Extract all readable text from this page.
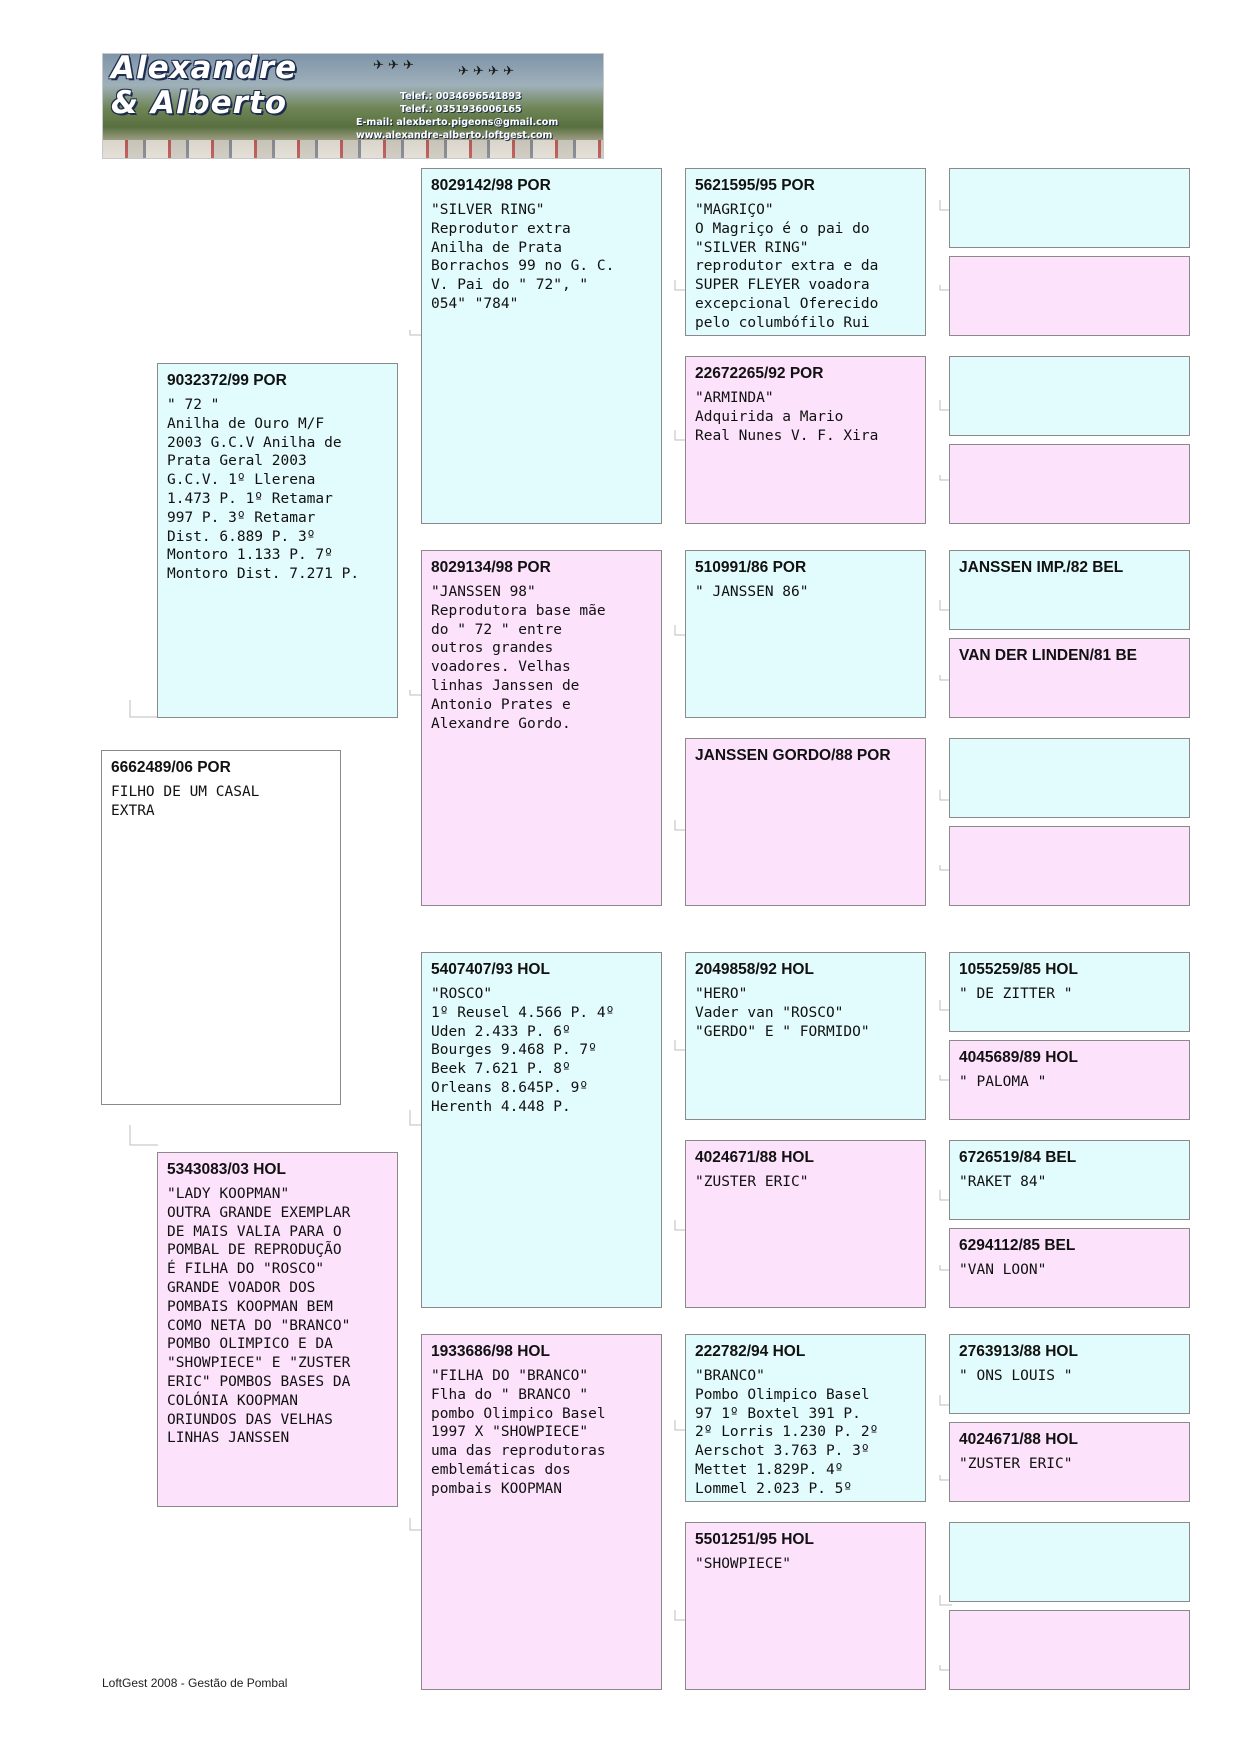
✈ ✈ ✈	✈ ✈ ✈ ✈
Alexandre
& Alberto	Telef.: 0034696541893
Telef.: 0351936006165
E-mail: alexberto.pigeons@gmail.com
www.alexandre-alberto.loftgest.com
6662489/06 POR
FILHO DE UM CASAL
EXTRA
9032372/99 POR
" 72 "
Anilha de Ouro M/F
2003 G.C.V Anilha de
Prata Geral 2003
G.C.V. 1º Llerena
1.473 P. 1º Retamar
997 P. 3º Retamar
Dist. 6.889 P. 3º
Montoro 1.133 P. 7º
Montoro Dist. 7.271 P.
5343083/03 HOL
"LADY KOOPMAN"
OUTRA GRANDE EXEMPLAR
DE MAIS VALIA PARA O
POMBAL DE REPRODUÇÃO
É FILHA DO "ROSCO"
GRANDE VOADOR DOS
POMBAIS KOOPMAN BEM
COMO NETA DO "BRANCO"
POMBO OLIMPICO E DA
"SHOWPIECE" E "ZUSTER
ERIC" POMBOS BASES DA
COLÓNIA KOOPMAN
ORIUNDOS DAS VELHAS
LINHAS JANSSEN
8029142/98 POR
"SILVER RING"
Reprodutor extra
Anilha de Prata
Borrachos 99 no G. C.
V. Pai do " 72", "
054" "784"
8029134/98 POR
"JANSSEN 98"
Reprodutora base mãe
do " 72 " entre
outros grandes
voadores. Velhas
linhas Janssen de
Antonio Prates e
Alexandre Gordo.
5407407/93 HOL
"ROSCO"
1º Reusel 4.566 P. 4º
Uden 2.433 P. 6º
Bourges 9.468 P. 7º
Beek 7.621 P. 8º
Orleans 8.645P. 9º
Herenth 4.448 P.
1933686/98 HOL
"FILHA DO "BRANCO"
Flha do " BRANCO "
pombo Olimpico Basel
1997 X "SHOWPIECE"
uma das reprodutoras
emblemáticas dos
pombais KOOPMAN
5621595/95 POR
"MAGRIÇO"
O Magriço é o pai do
"SILVER RING"
reprodutor extra e da
SUPER FLEYER voadora
excepcional Oferecido
pelo columbófilo Rui
22672265/92 POR
"ARMINDA"
Adquirida a Mario
Real Nunes V. F. Xira
510991/86 POR
" JANSSEN 86"
JANSSEN GORDO/88 POR
2049858/92 HOL
"HERO"
Vader van "ROSCO"
"GERDO" E " FORMIDO"
4024671/88 HOL
"ZUSTER ERIC"
222782/94 HOL
"BRANCO"
Pombo Olimpico Basel
97 1º Boxtel 391 P.
2º Lorris 1.230 P. 2º
Aerschot 3.763 P. 3º
Mettet 1.829P. 4º
Lommel 2.023 P. 5º
5501251/95 HOL
"SHOWPIECE"
JANSSEN IMP./82 BEL
VAN DER LINDEN/81 BE
1055259/85 HOL
" DE ZITTER "
4045689/89 HOL
" PALOMA "
6726519/84 BEL
"RAKET 84"
6294112/85 BEL
"VAN LOON"
2763913/88 HOL
" ONS LOUIS "
4024671/88 HOL
"ZUSTER ERIC"
LoftGest 2008 - Gestão de Pombal
